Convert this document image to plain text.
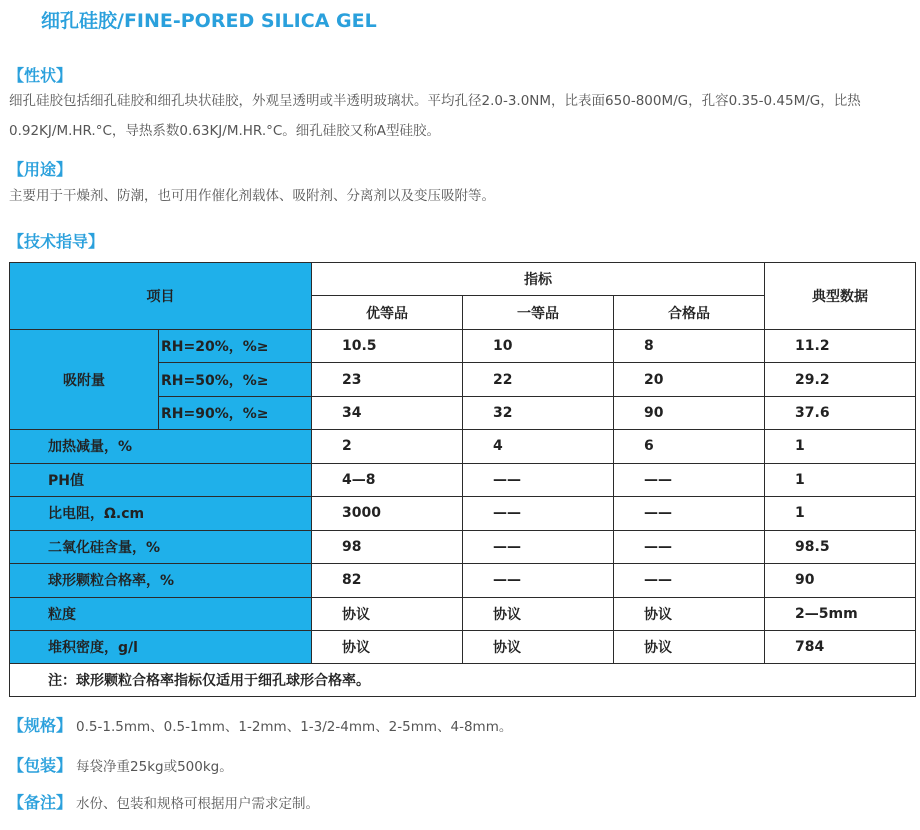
细孔硅胶/FINE-PORED SILICA GEL
【性状】
细孔硅胶包括细孔硅胶和细孔块状硅胶，外观呈透明或半透明玻璃状。平均孔径2.0-3.0NM，比表面650-800M/G，孔容0.35-0.45M/G，比热0.92KJ/M.HR.°C，导热系数0.63KJ/M.HR.°C。细孔硅胶又称A型硅胶。
【用途】
主要用于干燥剂、防潮，也可用作催化剂载体、吸附剂、分离剂以及变压吸附等。
【技术指导】
项目		指标			典型数据
		优等品	一等品	合格品	
吸附量	RH=20%，%≥	10.5	10	8	11.2
	RH=50%，%≥	23	22	20	29.2
	RH=90%，%≥	34	32	90	37.6
加热减量，%		2	4	6	1
PH值		4—8	——	——	1
比电阻，Ω.cm		3000	——	——	1
二氧化硅含量，%		98	——	——	98.5
球形颗粒合格率，%		82	——	——	90
粒度		协议	协议	协议	2—5mm
堆积密度，g/l		协议	协议	协议	784
注：球形颗粒合格率指标仅适用于细孔球形合格率。					
【规格】 0.5-1.5mm、0.5-1mm、1-2mm、1-3/2-4mm、2-5mm、4-8mm。
【包装】 每袋净重25kg或500kg。
【备注】 水份、包装和规格可根据用户需求定制。
